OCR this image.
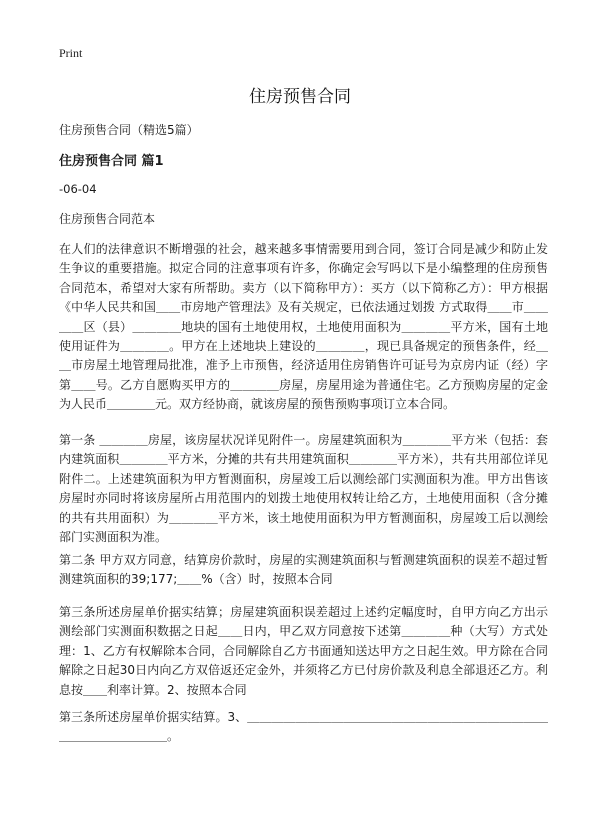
Print
住房预售合同
住房预售合同（精选5篇）
住房预售合同 篇1
-06-04
住房预售合同范本

在人们的法律意识不断增强的社会，越来越多事情需要用到合同，签订合同是减少和防止发生争议的重要措施。拟定合同的注意事项有许多，你确定会写吗以下是小编整理的住房预售合同范本，希望对大家有所帮助。卖方（以下简称甲方）：买方（以下简称乙方）：甲方根据《中华人民共和国＿＿市房地产管理法》及有关规定，已依法通过划拨 方式取得＿＿市＿＿＿＿区（县）＿＿＿＿地块的国有土地使用权，土地使用面积为＿＿＿＿平方米，国有土地使用证件为＿＿＿＿。甲方在上述地块上建设的＿＿＿＿，现已具备规定的预售条件，经＿＿市房屋土地管理局批准，准予上市预售，经济适用住房销售许可证号为京房内证（经）字第＿＿号。乙方自愿购买甲方的＿＿＿＿房屋，房屋用途为普通住宅。乙方预购房屋的定金为人民币＿＿＿＿元。双方经协商，就该房屋的预售预购事项订立本合同。

第一条 ＿＿＿＿房屋，该房屋状况详见附件一。房屋建筑面积为＿＿＿＿平方米（包括：套内建筑面积＿＿＿＿平方米，分摊的共有共用建筑面积＿＿＿＿平方米），共有共用部位详见附件二。上述建筑面积为甲方暂测面积，房屋竣工后以测绘部门实测面积为准。甲方出售该房屋时亦同时将该房屋所占用范围内的划拨土地使用权转让给乙方，土地使用面积（含分摊的共有共用面积）为＿＿＿＿平方米，该土地使用面积为甲方暂测面积，房屋竣工后以测绘部门实测面积为准。

第二条 甲方双方同意，结算房价款时，房屋的实测建筑面积与暂测建筑面积的误差不超过暂测建筑面积的39;177;＿＿%（含）时，按照本合同

第三条所述房屋单价据实结算；房屋建筑面积误差超过上述约定幅度时，自甲方向乙方出示测绘部门实测面积数据之日起＿＿日内，甲乙双方同意按下述第＿＿＿＿种（大写）方式处理：1、乙方有权解除本合同，合同解除自乙方书面通知送达甲方之日起生效。甲方除在合同解除之日起30日内向乙方双倍返还定金外，并须将乙方已付房价款及利息全部退还乙方。利息按＿＿利率计算。2、按照本合同

第三条所述房屋单价据实结算。3、＿＿＿＿＿＿＿＿＿＿＿＿＿＿＿＿＿＿＿＿＿＿＿＿＿＿＿＿＿＿＿＿＿＿。
